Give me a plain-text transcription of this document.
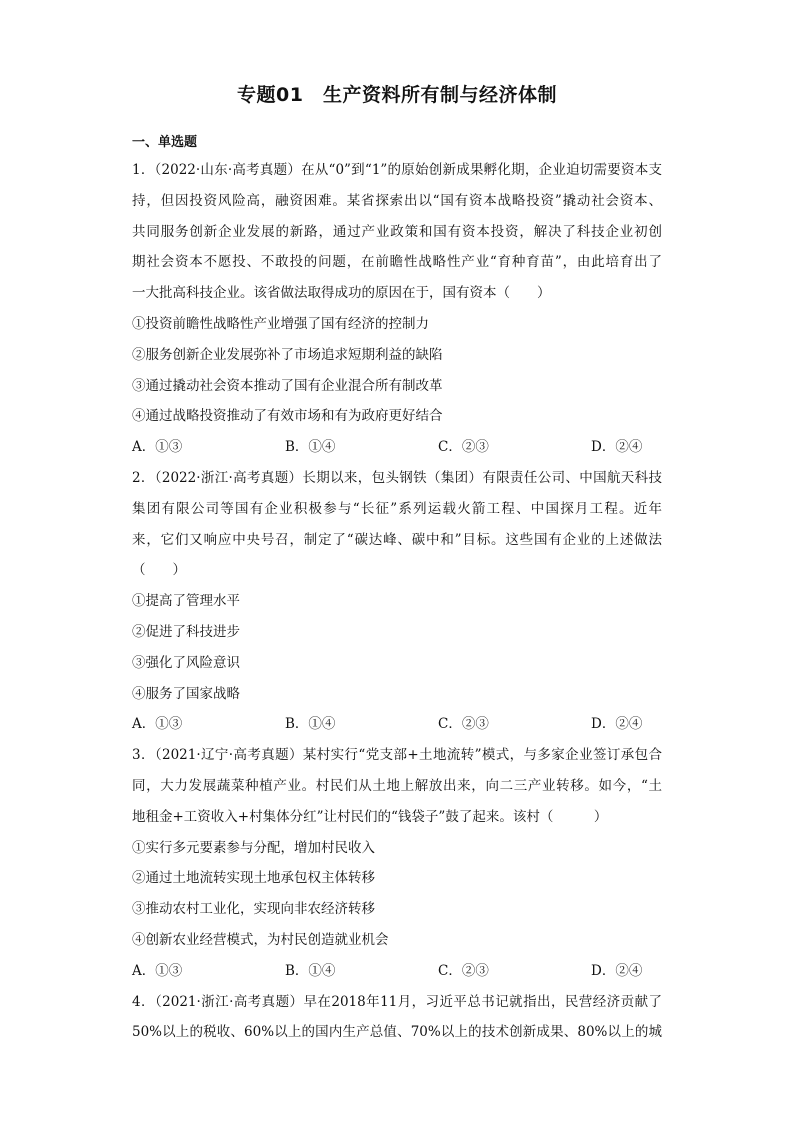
专题01　生产资料所有制与经济体制
一、单选题
1．（2022·山东·高考真题）在从“0”到“1”的原始创新成果孵化期，企业迫切需要资本支
持，但因投资风险高，融资困难。某省探索出以“国有资本战略投资”撬动社会资本、
共同服务创新企业发展的新路，通过产业政策和国有资本投资，解决了科技企业初创
期社会资本不愿投、不敢投的问题，在前瞻性战略性产业“育种育苗”，由此培育出了
一大批高科技企业。该省做法取得成功的原因在于，国有资本（　　）
①投资前瞻性战略性产业增强了国有经济的控制力
②服务创新企业发展弥补了市场追求短期利益的缺陷
③通过撬动社会资本推动了国有企业混合所有制改革
④通过战略投资推动了有效市场和有为政府更好结合
A．①③	B．①④	C．②③	D．②④
2．（2022·浙江·高考真题）长期以来，包头钢铁（集团）有限责任公司、中国航天科技
集团有限公司等国有企业积极参与“长征”系列运载火箭工程、中国探月工程。近年
来，它们又响应中央号召，制定了“碳达峰、碳中和”目标。这些国有企业的上述做法
（　　）
①提高了管理水平
②促进了科技进步
③强化了风险意识
④服务了国家战略
A．①③	B．①④	C．②③	D．②④
3．（2021·辽宁·高考真题）某村实行“党支部+土地流转”模式，与多家企业签订承包合
同，大力发展蔬菜种植产业。村民们从土地上解放出来，向二三产业转移。如今，“土
地租金+工资收入+村集体分红”让村民们的“钱袋子”鼓了起来。该村（　　　）
①实行多元要素参与分配，增加村民收入
②通过土地流转实现土地承包权主体转移
③推动农村工业化，实现向非农经济转移
④创新农业经营模式，为村民创造就业机会
A．①③	B．①④	C．②③	D．②④
4．（2021·浙江·高考真题）早在2018年11月，习近平总书记就指出，民营经济贡献了
50%以上的税收、60%以上的国内生产总值、70%以上的技术创新成果、80%以上的城
